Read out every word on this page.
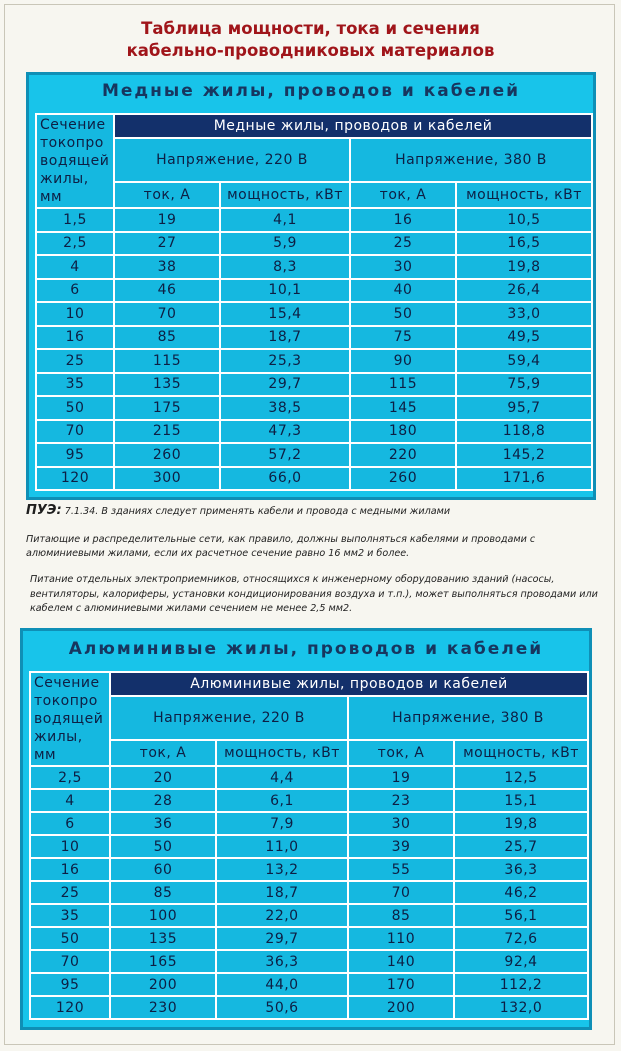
Таблица мощности, тока и сечения кабельно-проводниковых материалов
Медные жилы, проводов и кабелей
Сечение токопро водящей жилы, мм	Медные жилы, проводов и кабелей			
	Напряжение, 220 В		Напряжение, 380 В	
	ток, А	мощность, кВт	ток, А	мощность, кВт
1,5	19	4,1	16	10,5
2,5	27	5,9	25	16,5
4	38	8,3	30	19,8
6	46	10,1	40	26,4
10	70	15,4	50	33,0
16	85	18,7	75	49,5
25	115	25,3	90	59,4
35	135	29,7	115	75,9
50	175	38,5	145	95,7
70	215	47,3	180	118,8
95	260	57,2	220	145,2
120	300	66,0	260	171,6
ПУЭ: 7.1.34. В зданиях следует применять кабели и провода с медными жилами
Питающие и распределительные сети, как правило, должны выполняться кабелями и проводами с алюминиевыми жилами, если их расчетное сечение равно 16 мм2 и более.
Питание отдельных электроприемников, относящихся к инженерному оборудованию зданий (насосы, вентиляторы, калориферы, установки кондиционирования воздуха и т.п.), может выполняться проводами или кабелем с алюминиевыми жилами сечением не менее 2,5 мм2.
Алюминивые жилы, проводов и кабелей
Сечение токопро водящей жилы, мм	Алюминивые жилы, проводов и кабелей			
	Напряжение, 220 В		Напряжение, 380 В	
	ток, А	мощность, кВт	ток, А	мощность, кВт
2,5	20	4,4	19	12,5
4	28	6,1	23	15,1
6	36	7,9	30	19,8
10	50	11,0	39	25,7
16	60	13,2	55	36,3
25	85	18,7	70	46,2
35	100	22,0	85	56,1
50	135	29,7	110	72,6
70	165	36,3	140	92,4
95	200	44,0	170	112,2
120	230	50,6	200	132,0
